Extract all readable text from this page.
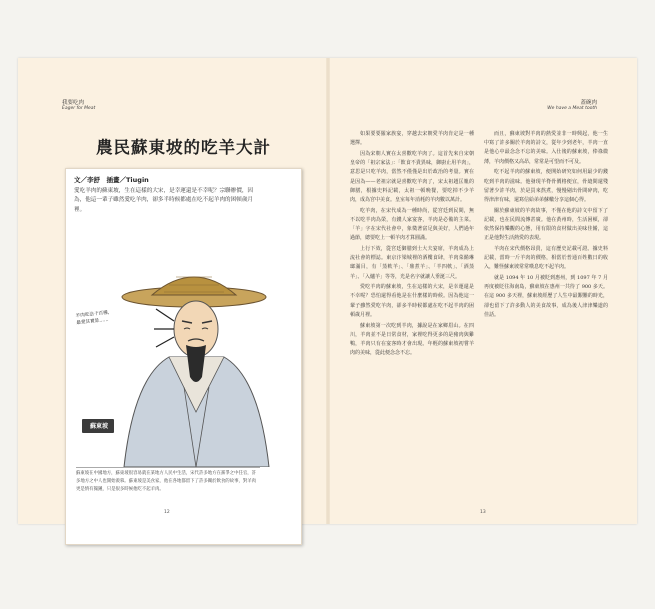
我要吃肉
Eager for Meat
農民蘇東坡的吃羊大計
文／李舒　插畫／Tiugin
愛吃羊肉的蘇東坡，生在這樣的大宋，是幸運還是不幸呢？宗聯辦價，因為，他這一輩子雖然愛吃羊肉，卻多半時候都處在吃不起羊肉的困頓歲月裡。
羊肉吃法千百種，最愛其實是……
蘇東坡
蘇東坡在中國地方，蘇東坡很容易就在某地方人民中生活，宋代許多地方在黨爭之中任官，許多地方之中人也開始羨慕。蘇東坡是美食家，他在各地都留下了許多關於飲食的故事，對羊肉更是情有獨鍾，只是很多時候他吃不起羊肉。
12
蓋碗肉
We have a Meat tooth

如果要要羅家族宴，穿越去宋朝愛羊肉肯定是一種選擇。

因為宋朝人實在太喜歡吃羊肉了。這首先來自宋朝皇帝的「祖宗家法」：「飲食不貴異味，御廚止用羊肉」，意思是只吃羊肉，當然不僅僅是出於政治的考量。實在是因為——老祖宗就是喜歡吃羊肉了，宋太祖趙匡胤的御膳，根據史料記載，太祖一頓晚餐，要吃掉不少羊肉，成為宮中美食。皇室每年消耗的羊肉數以萬計。

吃羊肉，在宋代成為一種時尚，從宮廷到民間，無不以吃羊肉為榮，有錢人家宴客，羊肉是必備的主菜。「羊」字在宋代社會中，象徵著富足與美好，人們過年過節，總要吃上一頓羊肉才算圓滿。

上行下效，從宮廷御膳到士大夫宴席，羊肉成為上流社會的標誌。東京汴梁城裡的酒樓食肆，羊肉菜餚琳瑯滿目，有「蒸軟羊」、「鼎煮羊」、「羊四軟」、「酒蒸羊」、「入爐羊」等等，光是名字就讓人垂涎三尺。

愛吃羊肉的蘇東坡，生在這樣的大宋，是幸運還是不幸呢？恐怕還得看他是在什麼樣的時候。因為他這一輩子雖然愛吃羊肉，卻多半時候都處在吃不起羊肉的困頓歲月裡。

蘇東坡第一次吃到羊肉，據說是在家鄉眉山。在四川，羊肉並不是日常食材，家裡吃得更多的是豬肉與雞鴨，羊肉只有在宴客時才會出現。年輕的蘇東坡初嘗羊肉的美味，從此便念念不忘。

而且，蘇東坡對羊肉的熱愛並非一時興起，他一生中寫了許多關於羊肉的詩文，從年少到老年，羊肉一直是他心中最念念不忘的美味。入仕後的蘇東坡，俸祿微薄，羊肉價格又高昂，常常是可望而不可及。

吃不起羊肉的蘇東坡，便開始研究如何用最少的錢吃到羊肉的滋味。他發現羊脊骨價格便宜，骨縫間還殘留著少許羊肉，於是買來熬煮，慢慢剔出骨間碎肉，吃得津津有味，還寫信給弟弟蘇轍分享這個心得。

關於蘇東坡的羊肉故事，不僅在他的詩文中留下了記載，也在民間流傳甚廣。他在黃州時，生活困頓，卻依然保持樂觀的心態，用有限的食材做出美味佳餚，這正是他對生活熱愛的表現。

羊肉在宋代價格昂貴，這有歷史記載可證。據史料記載，當時一斤羊肉的價格，相當於普通百姓數日的收入，難怪蘇東坡常常嘆息吃不起羊肉。

就是 1094 年 10 月被貶到惠州，到 1097 年 7 月再度被貶往海南島，蘇東坡在惠州一共待了 900 多天。在這 900 多天裡，蘇東坡經歷了人生中最艱難的時光，卻也留下了許多動人的美食故事，成為後人津津樂道的佳話。

13
